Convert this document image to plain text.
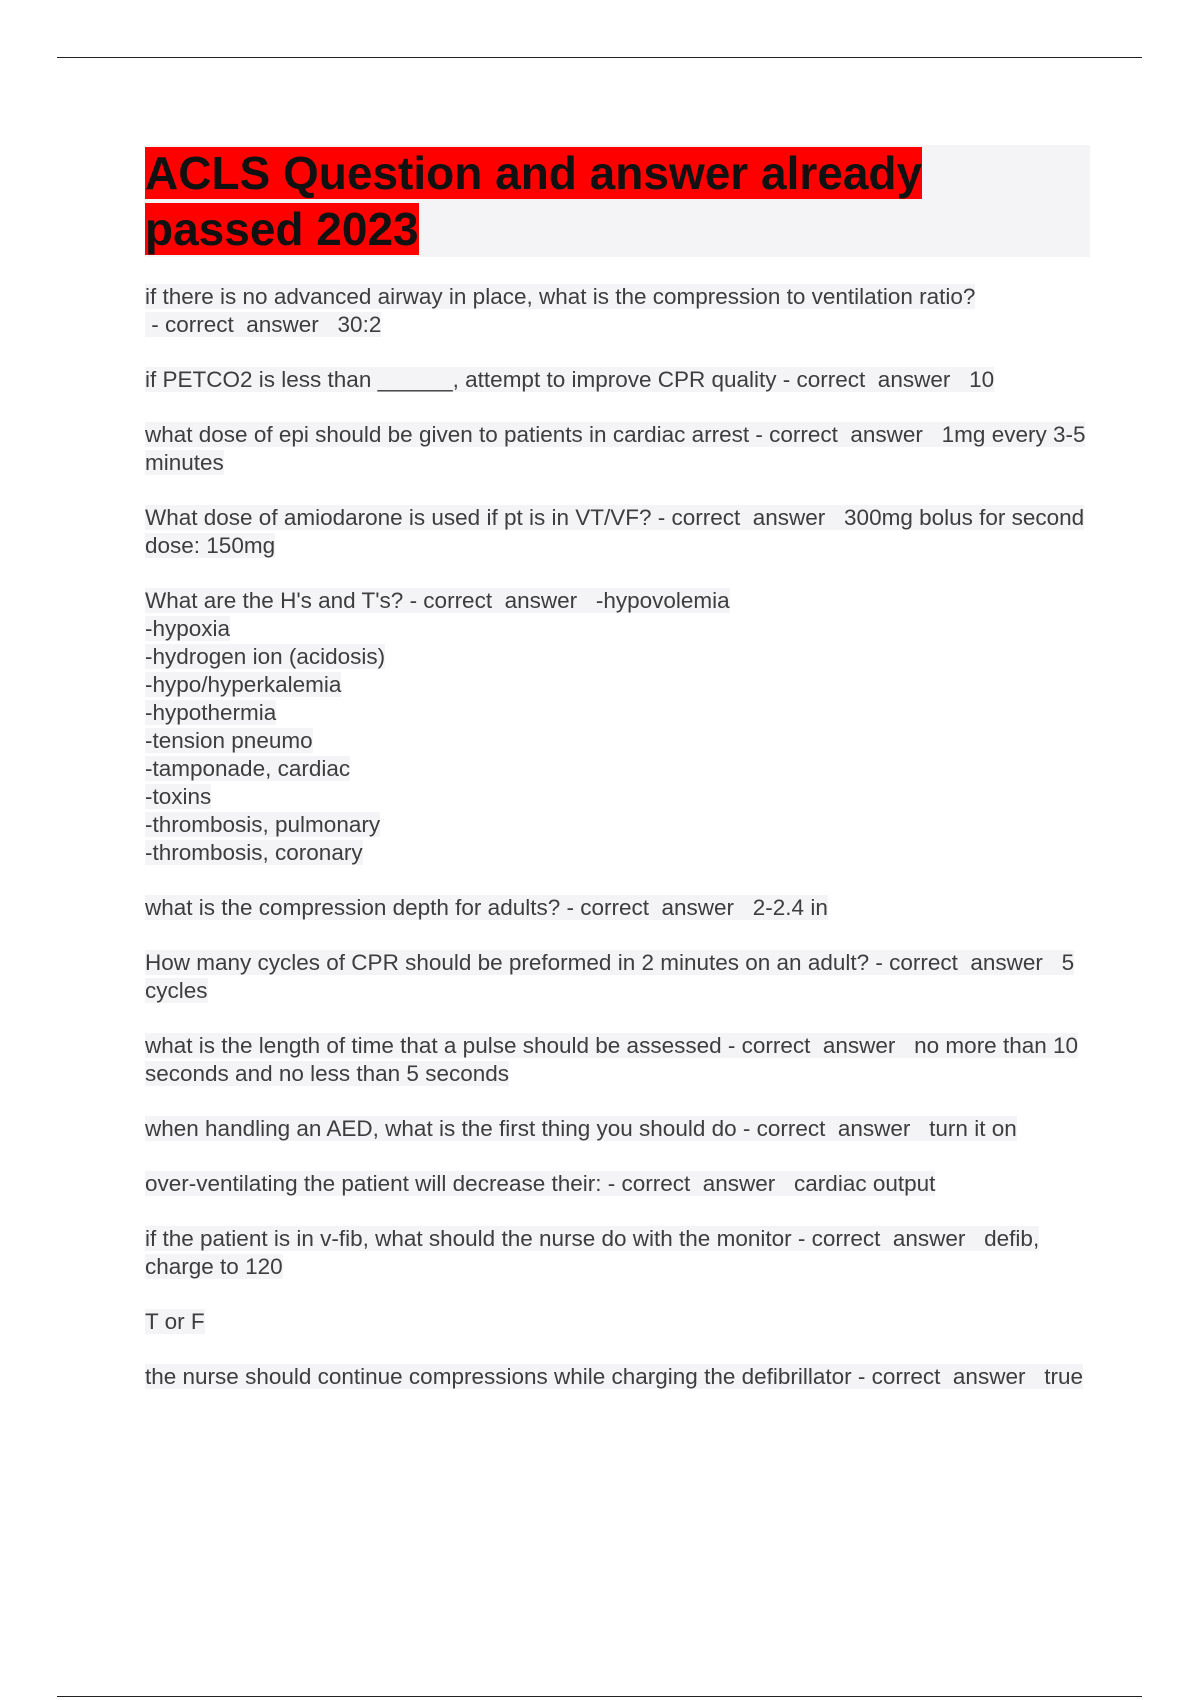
ACLS Question and answer already passed 2023
if there is no advanced airway in place, what is the compression to ventilation ratio? - correct  answer   30:2
if PETCO2 is less than ______, attempt to improve CPR quality - correct  answer   10
what dose of epi should be given to patients in cardiac arrest - correct  answer   1mg every 3-5 minutes
What dose of amiodarone is used if pt is in VT/VF? - correct  answer   300mg bolus for second dose: 150mg
What are the H's and T's? - correct  answer   -hypovolemia
-hypoxia
-hydrogen ion (acidosis)
-hypo/hyperkalemia
-hypothermia
-tension pneumo
-tamponade, cardiac
-toxins
-thrombosis, pulmonary
-thrombosis, coronary
what is the compression depth for adults? - correct  answer   2-2.4 in
How many cycles of CPR should be preformed in 2 minutes on an adult? - correct  answer   5 cycles
what is the length of time that a pulse should be assessed - correct  answer   no more than 10 seconds and no less than 5 seconds
when handling an AED, what is the first thing you should do - correct  answer   turn it on
over-ventilating the patient will decrease their: - correct  answer   cardiac output
if the patient is in v-fib, what should the nurse do with the monitor - correct  answer   defib, charge to 120
T or F
the nurse should continue compressions while charging the defibrillator - correct  answer   true
